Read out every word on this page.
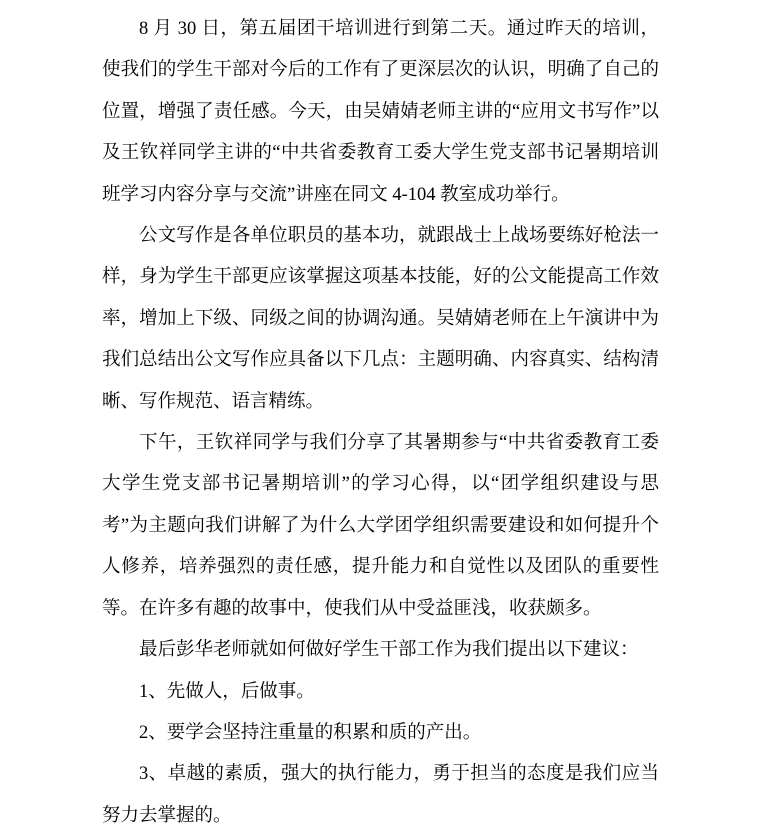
8 月 30 日，第五届团干培训进行到第二天。通过昨天的培训，使我们的学生干部对今后的工作有了更深层次的认识，明确了自己的位置，增强了责任感。今天，由吴婧婧老师主讲的“应用文书写作”以及王钦祥同学主讲的“中共省委教育工委大学生党支部书记暑期培训班学习内容分享与交流”讲座在同文 4-104 教室成功举行。

公文写作是各单位职员的基本功，就跟战士上战场要练好枪法一样，身为学生干部更应该掌握这项基本技能，好的公文能提高工作效率，增加上下级、同级之间的协调沟通。吴婧婧老师在上午演讲中为我们总结出公文写作应具备以下几点：主题明确、内容真实、结构清晰、写作规范、语言精练。

下午，王钦祥同学与我们分享了其暑期参与“中共省委教育工委大学生党支部书记暑期培训”的学习心得，以“团学组织建设与思考”为主题向我们讲解了为什么大学团学组织需要建设和如何提升个人修养，培养强烈的责任感，提升能力和自觉性以及团队的重要性等。在许多有趣的故事中，使我们从中受益匪浅，收获颇多。

最后彭华老师就如何做好学生干部工作为我们提出以下建议：

1、先做人，后做事。

2、要学会坚持注重量的积累和质的产出。

3、卓越的素质，强大的执行能力，勇于担当的态度是我们应当努力去掌握的。
